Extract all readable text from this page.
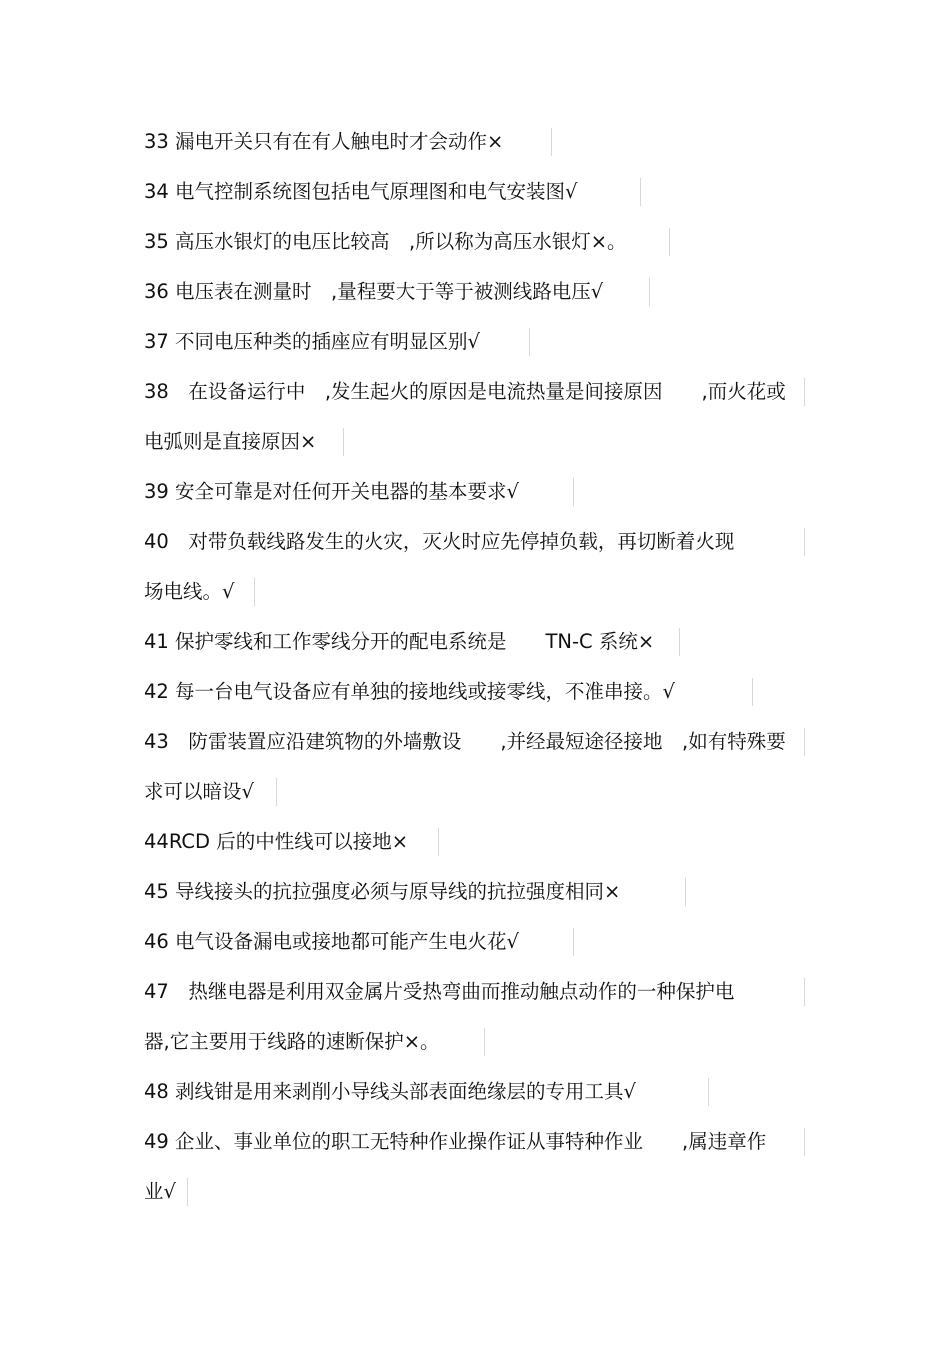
33 漏电开关只有在有人触电时才会动作×
34 电气控制系统图包括电气原理图和电气安装图√
35 高压水银灯的电压比较高　,所以称为高压水银灯×。
36 电压表在测量时　,量程要大于等于被测线路电压√
37 不同电压种类的插座应有明显区别√
38　在设备运行中　,发生起火的原因是电流热量是间接原因　　,而火花或
电弧则是直接原因×
39 安全可靠是对任何开关电器的基本要求√
40　对带负载线路发生的火灾，灭火时应先停掉负载，再切断着火现
场电线。√
41 保护零线和工作零线分开的配电系统是　　TN-C 系统×
42 每一台电气设备应有单独的接地线或接零线，不准串接。√
43　防雷装置应沿建筑物的外墙敷设　　,并经最短途径接地　,如有特殊要
求可以暗设√
44RCD 后的中性线可以接地×
45 导线接头的抗拉强度必须与原导线的抗拉强度相同×
46 电气设备漏电或接地都可能产生电火花√
47　热继电器是利用双金属片受热弯曲而推动触点动作的一种保护电
器,它主要用于线路的速断保护×。
48 剥线钳是用来剥削小导线头部表面绝缘层的专用工具√
49 企业、事业单位的职工无特种作业操作证从事特种作业　　,属违章作
业√
